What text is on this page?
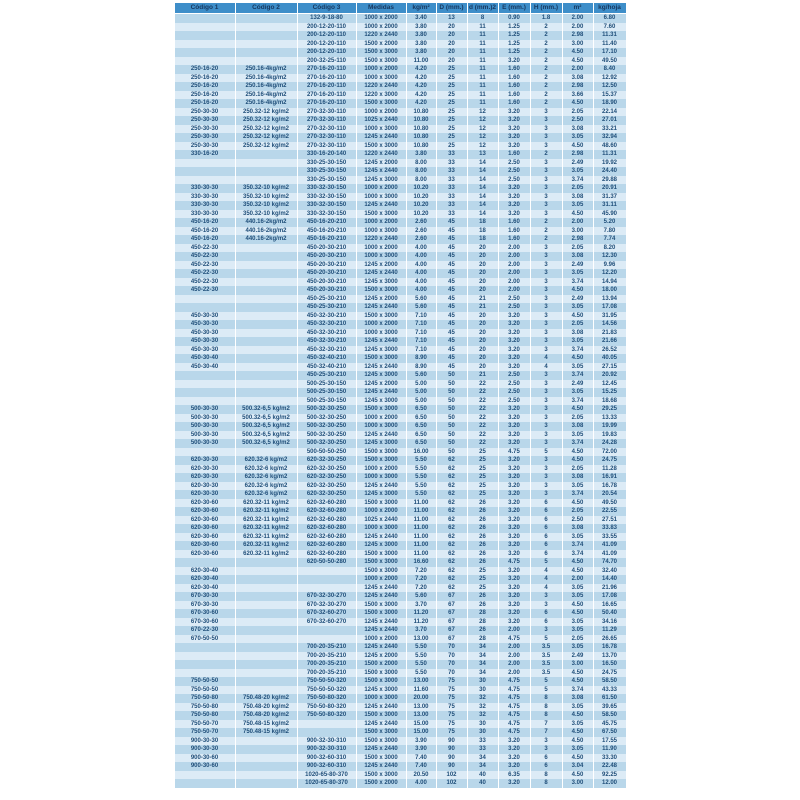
Código 1	Código 2	Código 3	Medidas	kg/m²	D (mm.)	d (mm.)2	E (mm.)	H (mm.)	m²	kg/hoja
		132-9-18-80	1000 x 2000	3.40	13	8	0.90	1.8	2.00	6.80
		200-12-20-110	1000 x 2000	3.80	20	11	1.25	2	2.00	7.60
		200-12-20-110	1220 x 2440	3.80	20	11	1.25	2	2.98	11.31
		200-12-20-110	1500 x 2000	3.80	20	11	1.25	2	3.00	11.40
		200-12-20-110	1500 x 3000	3.80	20	11	1.25	2	4.50	17.10
		200-32-25-110	1500 x 3000	11.00	20	11	3.20	2	4.50	49.50
250-16-20	250.16-4kg/m2	270-16-20-110	1000 x 2000	4.20	25	11	1.60	2	2.00	8.40
250-16-20	250.16-4kg/m2	270-16-20-110	1000 x 3000	4.20	25	11	1.60	2	3.08	12.92
250-16-20	250.16-4kg/m2	270-16-20-110	1220 x 2440	4.20	25	11	1.60	2	2.98	12.50
250-16-20	250.16-4kg/m2	270-16-20-110	1220 x 3000	4.20	25	11	1.60	2	3.66	15.37
250-16-20	250.16-4kg/m2	270-16-20-110	1500 x 3000	4.20	25	11	1.60	2	4.50	18.90
250-30-30	250.32-12 kg/m2	270-32-30-110	1000 x 2000	10.80	25	12	3.20	3	2.05	22.14
250-30-30	250.32-12 kg/m2	270-32-30-110	1025 x 2440	10.80	25	12	3.20	3	2.50	27.01
250-30-30	250.32-12 kg/m2	270-32-30-110	1000 x 3000	10.80	25	12	3.20	3	3.08	33.21
250-30-30	250.32-12 kg/m2	270-32-30-110	1245 x 2440	10.80	25	12	3.20	3	3.05	32.94
250-30-30	250.32-12 kg/m2	270-32-30-110	1500 x 3000	10.80	25	12	3.20	3	4.50	48.60
330-16-20		330-16-20-140	1220 x 2440	3.80	33	13	1.60	2	2.98	11.31
		330-25-30-150	1245 x 2000	8.00	33	14	2.50	3	2.49	19.92
		330-25-30-150	1245 x 2440	8.00	33	14	2.50	3	3.05	24.40
		330-25-30-150	1245 x 3000	8.00	33	14	2.50	3	3.74	29.88
330-30-30	350.32-10 kg/m2	330-32-30-150	1000 x 2000	10.20	33	14	3.20	3	2.05	20.91
330-30-30	350.32-10 kg/m2	330-32-30-150	1000 x 3000	10.20	33	14	3.20	3	3.08	31.37
330-30-30	350.32-10 kg/m2	330-32-30-150	1245 x 2440	10.20	33	14	3.20	3	3.05	31.11
330-30-30	350.32-10 kg/m2	330-32-30-150	1500 x 3000	10.20	33	14	3.20	3	4.50	45.90
450-16-20	440.16-2kg/m2	450-16-20-210	1000 x 2000	2.60	45	18	1.60	2	2.00	5.20
450-16-20	440.16-2kg/m2	450-16-20-210	1000 x 3000	2.60	45	18	1.60	2	3.00	7.80
450-16-20	440.16-2kg/m2	450-16-20-210	1220 x 2440	2.60	45	18	1.60	2	2.98	7.74
450-22-30		450-20-30-210	1000 x 2000	4.00	45	20	2.00	3	2.05	8.20
450-22-30		450-20-30-210	1000 x 3000	4.00	45	20	2.00	3	3.08	12.30
450-22-30		450-20-30-210	1245 x 2000	4.00	45	20	2.00	3	2.49	9.96
450-22-30		450-20-30-210	1245 x 2440	4.00	45	20	2.00	3	3.05	12.20
450-22-30		450-20-30-210	1245 x 3000	4.00	45	20	2.00	3	3.74	14.94
450-22-30		450-20-30-210	1500 x 3000	4.00	45	20	2.00	3	4.50	18.00
		450-25-30-210	1245 x 2000	5.60	45	21	2.50	3	2.49	13.94
		450-25-30-210	1245 x 2440	5.60	45	21	2.50	3	3.05	17.08
450-30-30		450-32-30-210	1500 x 3000	7.10	45	20	3.20	3	4.50	31.95
450-30-30		450-32-30-210	1000 x 2000	7.10	45	20	3.20	3	2.05	14.56
450-30-30		450-32-30-210	1000 x 3000	7.10	45	20	3.20	3	3.08	21.83
450-30-30		450-32-30-210	1245 x 2440	7.10	45	20	3.20	3	3.05	21.66
450-30-30		450-32-30-210	1245 x 3000	7.10	45	20	3.20	3	3.74	26.52
450-30-40		450-32-40-210	1500 x 3000	8.90	45	20	3.20	4	4.50	40.05
450-30-40		450-32-40-210	1245 x 2440	8.90	45	20	3.20	4	3.05	27.15
		450-25-30-210	1245 x 3000	5.60	50	21	2.50	3	3.74	20.92
		500-25-30-150	1245 x 2000	5.00	50	22	2.50	3	2.49	12.45
		500-25-30-150	1245 x 2440	5.00	50	22	2.50	3	3.05	15.25
		500-25-30-150	1245 x 3000	5.00	50	22	2.50	3	3.74	18.68
500-30-30	500.32-6,5 kg/m2	500-32-30-250	1500 x 3000	6.50	50	22	3.20	3	4.50	29.25
500-30-30	500.32-6,5 kg/m2	500-32-30-250	1000 x 2000	6.50	50	22	3.20	3	2.05	13.33
500-30-30	500.32-6,5 kg/m2	500-32-30-250	1000 x 3000	6.50	50	22	3.20	3	3.08	19.99
500-30-30	500.32-6,5 kg/m2	500-32-30-250	1245 x 2440	6.50	50	22	3.20	3	3.05	19.83
500-30-30	500.32-6,5 kg/m2	500-32-30-250	1245 x 3000	6.50	50	22	3.20	3	3.74	24.28
		500-50-50-250	1500 x 3000	16.00	50	25	4.75	5	4.50	72.00
620-30-30	620.32-6 kg/m2	620-32-30-250	1500 x 3000	5.50	62	25	3.20	3	4.50	24.75
620-30-30	620.32-6 kg/m2	620-32-30-250	1000 x 2000	5.50	62	25	3.20	3	2.05	11.28
620-30-30	620.32-6 kg/m2	620-32-30-250	1000 x 3000	5.50	62	25	3.20	3	3.08	16.91
620-30-30	620.32-6 kg/m2	620-32-30-250	1245 x 2440	5.50	62	25	3.20	3	3.05	16.78
620-30-30	620.32-6 kg/m2	620-32-30-250	1245 x 3000	5.50	62	25	3.20	3	3.74	20.54
620-30-60	620.32-11 kg/m2	620-32-60-280	1500 x 3000	11.00	62	26	3.20	6	4.50	49.50
620-30-60	620.32-11 kg/m2	620-32-60-280	1000 x 2000	11.00	62	26	3.20	6	2.05	22.55
620-30-60	620.32-11 kg/m2	620-32-60-280	1025 x 2440	11.00	62	26	3.20	6	2.50	27.51
620-30-60	620.32-11 kg/m2	620-32-60-280	1000 x 3000	11.00	62	26	3.20	6	3.08	33.83
620-30-60	620.32-11 kg/m2	620-32-60-280	1245 x 2440	11.00	62	26	3.20	6	3.05	33.55
620-30-60	620.32-11 kg/m2	620-32-60-280	1245 x 3000	11.00	62	26	3.20	6	3.74	41.09
620-30-60	620.32-11 kg/m2	620-32-60-280	1500 x 3000	11.00	62	26	3.20	6	3.74	41.09
		620-50-50-280	1500 x 3000	16.60	62	26	4.75	5	4.50	74.70
620-30-40			1500 x 3000	7.20	62	25	3.20	4	4.50	32.40
620-30-40			1000 x 2000	7.20	62	25	3.20	4	2.00	14.40
620-30-40			1245 x 2440	7.20	62	25	3.20	4	3.05	21.96
670-30-30		670-32-30-270	1245 x 2440	5.60	67	26	3.20	3	3.05	17.08
670-30-30		670-32-30-270	1500 x 3000	3.70	67	26	3.20	3	4.50	16.65
670-30-60		670-32-60-270	1500 x 3000	11.20	67	28	3.20	6	4.50	50.40
670-30-60		670-32-60-270	1245 x 2440	11.20	67	28	3.20	6	3.05	34.16
670-22-30			1245 x 2440	3.70	67	26	2.00	3	3.05	11.29
670-50-50			1000 x 2000	13.00	67	28	4.75	5	2.05	26.65
		700-20-35-210	1245 x 2440	5.50	70	34	2.00	3.5	3.05	16.78
		700-20-35-210	1245 x 2000	5.50	70	34	2.00	3.5	2.49	13.70
		700-20-35-210	1500 x 2000	5.50	70	34	2.00	3.5	3.00	16.50
		700-20-35-210	1500 x 3000	5.50	70	34	2.00	3.5	4.50	24.75
750-50-50		750-50-50-320	1500 x 3000	13.00	75	30	4.75	5	4.50	58.50
750-50-50		750-50-50-320	1245 x 3000	11.60	75	30	4.75	5	3.74	43.33
750-50-80	750.48-20 kg/m2	750-50-80-320	1000 x 3000	20.00	75	32	4.75	8	3.08	61.50
750-50-80	750.48-20 kg/m2	750-50-80-320	1245 x 2440	13.00	75	32	4.75	8	3.05	39.65
750-50-80	750.48-20 kg/m2	750-50-80-320	1500 x 3000	13.00	75	32	4.75	8	4.50	58.50
750-50-70	750.48-15 kg/m2		1245 x 2440	15.00	75	30	4.75	7	3.05	45.75
750-50-70	750.48-15 kg/m2		1500 x 3000	15.00	75	30	4.75	7	4.50	67.50
900-30-30		900-32-30-310	1500 x 3000	3.90	90	33	3.20	3	4.50	17.55
900-30-30		900-32-30-310	1245 x 2440	3.90	90	33	3.20	3	3.05	11.90
900-30-60		900-32-60-310	1500 x 3000	7.40	90	34	3.20	6	4.50	33.30
900-30-60		900-32-60-310	1245 x 2440	7.40	90	34	3.20	6	3.04	22.48
		1020-65-80-370	1500 x 3000	20.50	102	40	6.35	8	4.50	92.25
		1020-65-80-370	1500 x 2000	4.00	102	40	3.20	8	3.00	12.00
